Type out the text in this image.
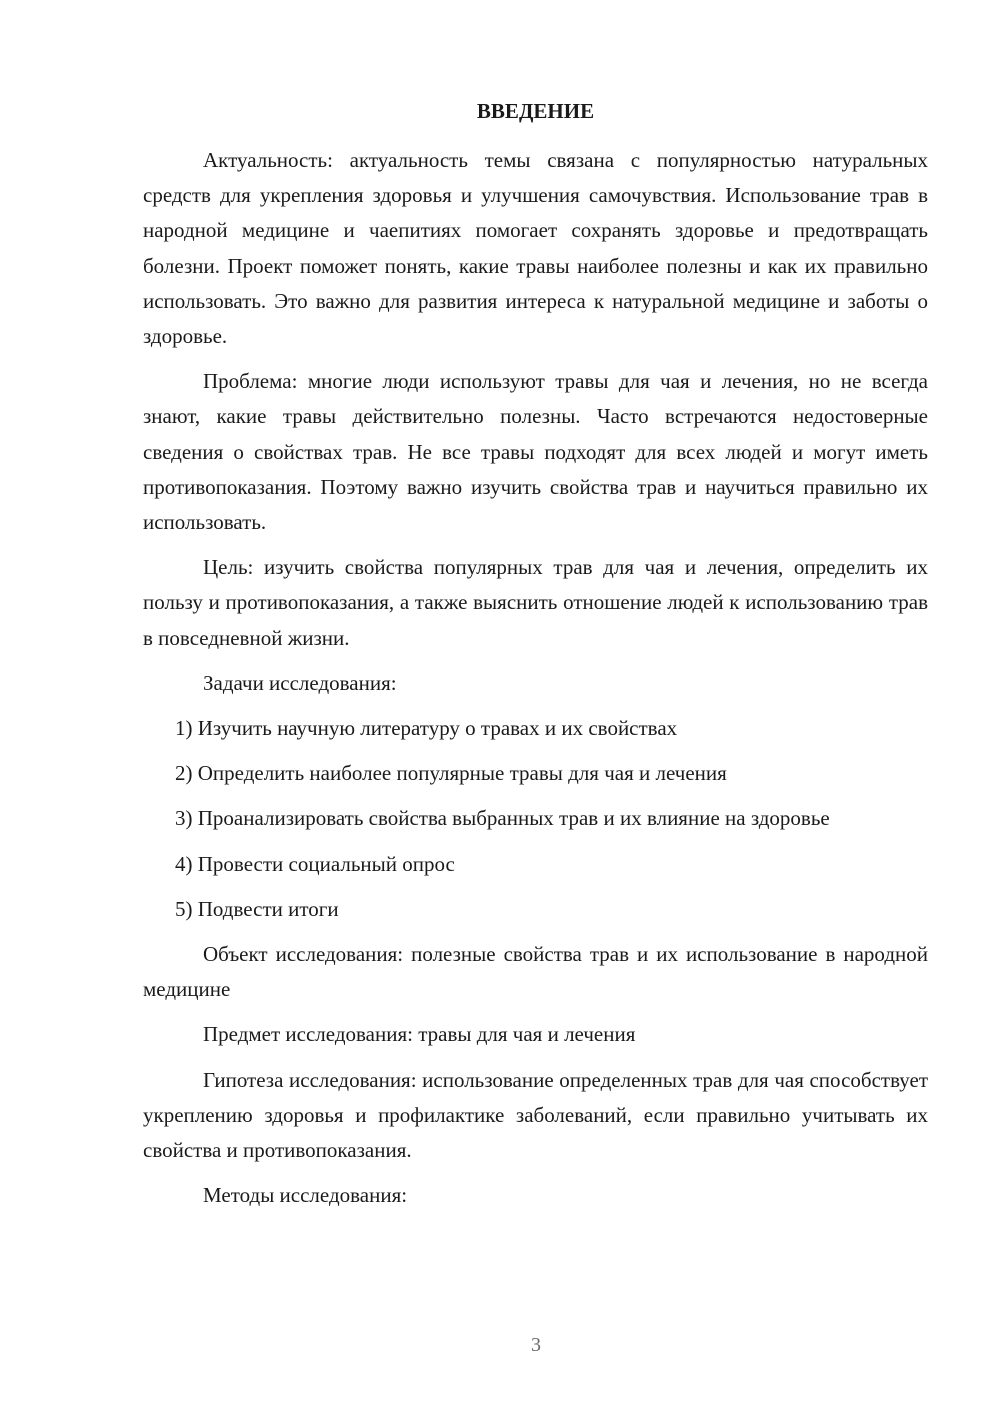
ВВЕДЕНИЕ

Актуальность: актуальность темы связана с популярностью натуральных средств для укрепления здоровья и улучшения самочувствия. Использование трав в народной медицине и чаепитиях помогает сохранять здоровье и предотвращать болезни. Проект поможет понять, какие травы наиболее полезны и как их правильно использовать. Это важно для развития интереса к натуральной медицине и заботы о здоровье.

Проблема: многие люди используют травы для чая и лечения, но не всегда знают, какие травы действительно полезны. Часто встречаются недостоверные сведения о свойствах трав. Не все травы подходят для всех людей и могут иметь противопоказания. Поэтому важно изучить свойства трав и научиться правильно их использовать.

Цель: изучить свойства популярных трав для чая и лечения, определить их пользу и противопоказания, а также выяснить отношение людей к использованию трав в повседневной жизни.

Задачи исследования:

1) Изучить научную литературу о травах и их свойствах

2) Определить наиболее популярные травы для чая и лечения

3) Проанализировать свойства выбранных трав и их влияние на здоровье

4) Провести социальный опрос

5) Подвести итоги

Объект исследования: полезные свойства трав и их использование в народной медицине

Предмет исследования: травы для чая и лечения

Гипотеза исследования: использование определенных трав для чая способствует укреплению здоровья и профилактике заболеваний, если правильно учитывать их свойства и противопоказания.

Методы исследования:

3
